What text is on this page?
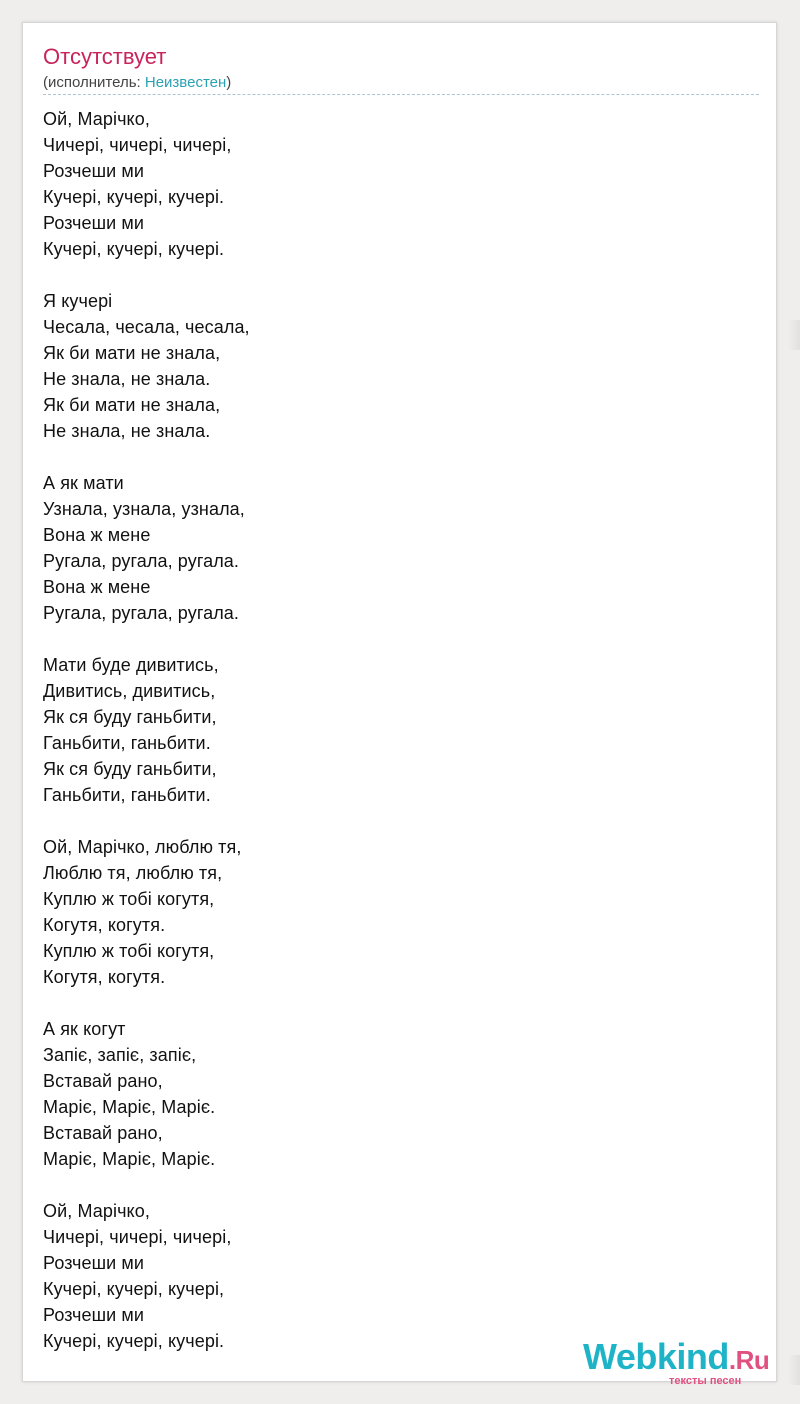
Отсутствует
(исполнитель: Неизвестен)
Ой, Марічко,
Чичері, чичері, чичері,
Розчеши ми
Кучері, кучері, кучері.
Розчеши ми
Кучері, кучері, кучері.
Я кучері
Чесала, чесала, чесала,
Як би мати не знала,
Не знала, не знала.
Як би мати не знала,
Не знала, не знала.
А як мати
Узнала, узнала, узнала,
Вона ж мене
Ругала, ругала, ругала.
Вона ж мене
Ругала, ругала, ругала.
Мати буде дивитись,
Дивитись, дивитись,
Як ся буду ганьбити,
Ганьбити, ганьбити.
Як ся буду ганьбити,
Ганьбити, ганьбити.
Ой, Марічко, люблю тя,
Люблю тя, люблю тя,
Куплю ж тобі когутя,
Когутя, когутя.
Куплю ж тобі когутя,
Когутя, когутя.
А як когут
Запіє, запіє, запіє,
Вставай рано,
Маріє, Маріє, Маріє.
Вставай рано,
Маріє, Маріє, Маріє.
Ой, Марічко,
Чичері, чичері, чичері,
Розчеши ми
Кучері, кучері, кучері,
Розчеши ми
Кучері, кучері, кучері.	Webkind.Ru
тексты песен
